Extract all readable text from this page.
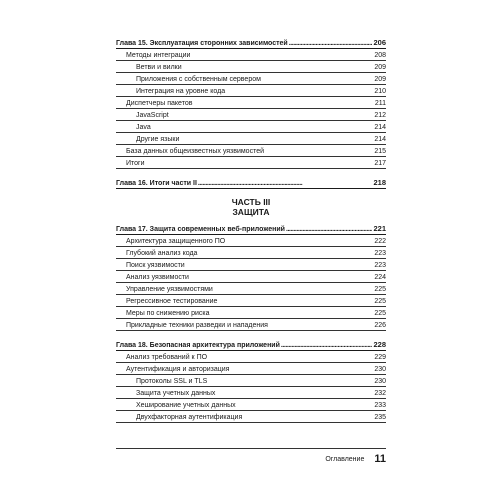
Глава 15. Эксплуатация сторонних зависимостей . . .	206
Методы интеграции	208
Ветви и вилки	209
Приложения с собственным сервером	209
Интеграция на уровне кода	210
Диспетчеры пакетов	211
JavaScript	212
Java	214
Другие языки	214
База данных общеизвестных уязвимостей	215
Итоги	217
Глава 16. Итоги части II . . .	218
ЧАСТЬ III
ЗАЩИТА
Глава 17. Защита современных веб-приложений . . .	221
Архитектура защищенного ПО	222
Глубокий анализ кода	223
Поиск уязвимости	223
Анализ уязвимости	224
Управление уязвимостями	225
Регрессивное тестирование	225
Меры по снижению риска	225
Прикладные техники разведки и нападения	226
Глава 18. Безопасная архитектура приложений . . .	228
Анализ требований к ПО	229
Аутентификация и авторизация	230
Протоколы SSL и TLS	230
Защита учетных данных	232
Хеширование учетных данных	233
Двухфакторная аутентификация	235
Оглавление 11
